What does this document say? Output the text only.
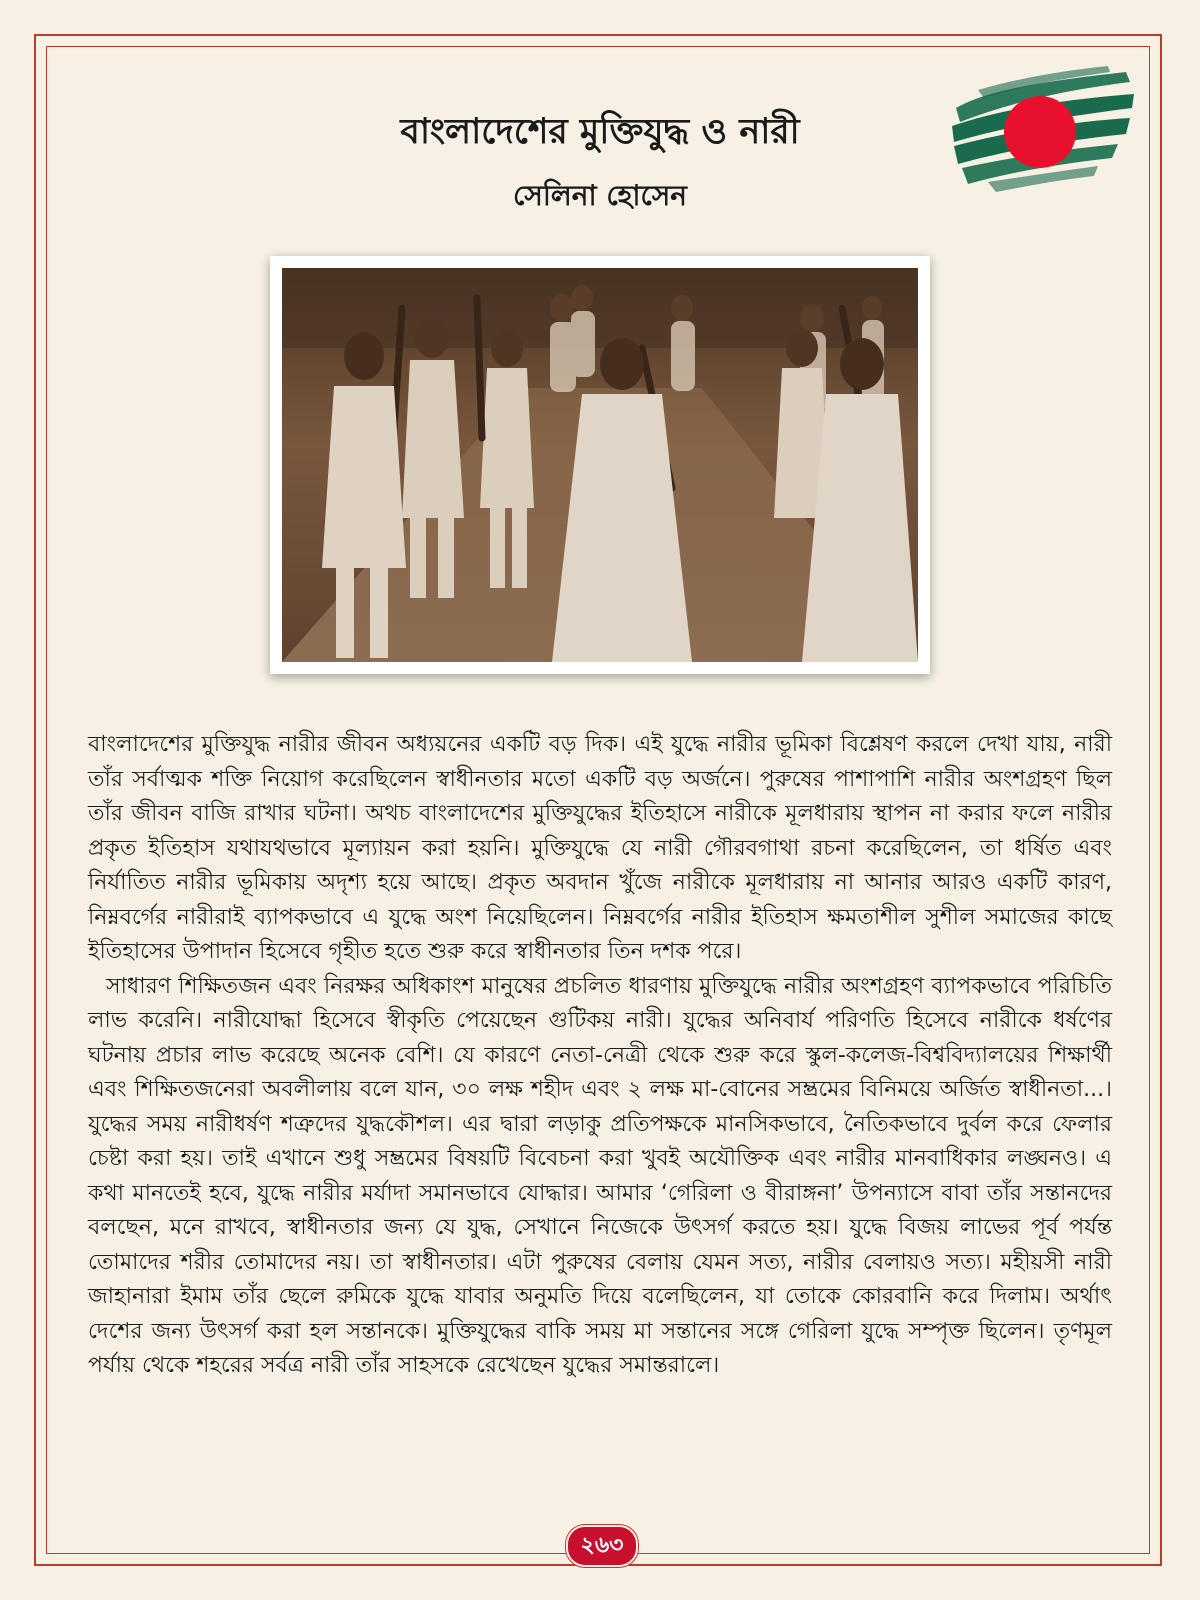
বাংলাদেশের মুক্তিযুদ্ধ ও নারী
সেলিনা হোসেন

বাংলাদেশের মুক্তিযুদ্ধ নারীর জীবন অধ্যয়নের একটি বড় দিক। এই যুদ্ধে নারীর ভূমিকা বিশ্লেষণ করলে দেখা যায়, নারী তাঁর সর্বাত্মক শক্তি নিয়োগ করেছিলেন স্বাধীনতার মতো একটি বড় অর্জনে। পুরুষের পাশাপাশি নারীর অংশগ্রহণ ছিল তাঁর জীবন বাজি রাখার ঘটনা। অথচ বাংলাদেশের মুক্তিযুদ্ধের ইতিহাসে নারীকে মূলধারায় স্থাপন না করার ফলে নারীর প্রকৃত ইতিহাস যথাযথভাবে মূল্যায়ন করা হয়নি। মুক্তিযুদ্ধে যে নারী গৌরবগাথা রচনা করেছিলেন, তা ধর্ষিত এবং নির্যাতিত নারীর ভূমিকায় অদৃশ্য হয়ে আছে। প্রকৃত অবদান খুঁজে নারীকে মূলধারায় না আনার আরও একটি কারণ, নিম্নবর্গের নারীরাই ব্যাপকভাবে এ যুদ্ধে অংশ নিয়েছিলেন। নিম্নবর্গের নারীর ইতিহাস ক্ষমতাশীল সুশীল সমাজের কাছে ইতিহাসের উপাদান হিসেবে গৃহীত হতে শুরু করে স্বাধীনতার তিন দশক পরে।

সাধারণ শিক্ষিতজন এবং নিরক্ষর অধিকাংশ মানুষের প্রচলিত ধারণায় মুক্তিযুদ্ধে নারীর অংশগ্রহণ ব্যাপকভাবে পরিচিতি লাভ করেনি। নারীযোদ্ধা হিসেবে স্বীকৃতি পেয়েছেন গুটিকয় নারী। যুদ্ধের অনিবার্য পরিণতি হিসেবে নারীকে ধর্ষণের ঘটনায় প্রচার লাভ করেছে অনেক বেশি। যে কারণে নেতা-নেত্রী থেকে শুরু করে স্কুল-কলেজ-বিশ্ববিদ্যালয়ের শিক্ষার্থী এবং শিক্ষিতজনেরা অবলীলায় বলে যান, ৩০ লক্ষ শহীদ এবং ২ লক্ষ মা-বোনের সম্ভ্রমের বিনিময়ে অর্জিত স্বাধীনতা...। যুদ্ধের সময় নারীধর্ষণ শত্রুদের যুদ্ধকৌশল। এর দ্বারা লড়াকু প্রতিপক্ষকে মানসিকভাবে, নৈতিকভাবে দুর্বল করে ফেলার চেষ্টা করা হয়। তাই এখানে শুধু সম্ভ্রমের বিষয়টি বিবেচনা করা খুবই অযৌক্তিক এবং নারীর মানবাধিকার লঙ্ঘনও। এ কথা মানতেই হবে, যুদ্ধে নারীর মর্যাদা সমানভাবে যোদ্ধার। আমার ‘গেরিলা ও বীরাঙ্গনা’ উপন্যাসে বাবা তাঁর সন্তানদের বলছেন, মনে রাখবে, স্বাধীনতার জন্য যে যুদ্ধ, সেখানে নিজেকে উৎসর্গ করতে হয়। যুদ্ধে বিজয় লাভের পূর্ব পর্যন্ত তোমাদের শরীর তোমাদের নয়। তা স্বাধীনতার। এটা পুরুষের বেলায় যেমন সত্য, নারীর বেলায়ও সত্য। মহীয়সী নারী জাহানারা ইমাম তাঁর ছেলে রুমিকে যুদ্ধে যাবার অনুমতি দিয়ে বলেছিলেন, যা তোকে কোরবানি করে দিলাম। অর্থাৎ দেশের জন্য উৎসর্গ করা হল সন্তানকে। মুক্তিযুদ্ধের বাকি সময় মা সন্তানের সঙ্গে গেরিলা যুদ্ধে সম্পৃক্ত ছিলেন। তৃণমূল পর্যায় থেকে শহরের সর্বত্র নারী তাঁর সাহসকে রেখেছেন যুদ্ধের সমান্তরালে।

২৬৩
